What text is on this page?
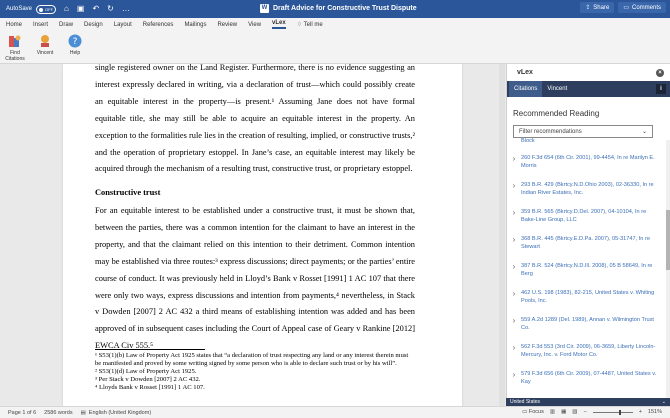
AutoSave	OFF	⌂ ▣ ↶ ↻ …	W Draft Advice for Constructive Trust Dispute	⇪ Share ▭ Comments
Home Insert Draw Design Layout References Mailings Review View vLex ♢ Tell me
Find Citations
Vincent
?
Help
single registered owner on the Land Register. Furthermore, there is no evidence suggesting an interest expressly declared in writing, via a declaration of trust—which could possibly create an equitable interest in the property—is present.¹ Assuming Jane does not have formal equitable title, she may still be able to acquire an equitable interest in the property. An exception to the formalities rule lies in the creation of resulting, implied, or constructive trusts,² and the operation of proprietary estoppel. In Jane’s case, an equitable interest may likely be acquired through the mechanism of a resulting trust, constructive trust, or proprietary estoppel.
Constructive trust
For an equitable interest to be established under a constructive trust, it must be shown that, between the parties, there was a common intention for the claimant to have an interest in the property, and that the claimant relied on this intention to their detriment. Common intention may be established via three routes:³ express discussions; direct payments; or the parties’ entire course of conduct. It was previously held in Lloyd’s Bank v Rosset [1991] 1 AC 107 that there were only two ways, express discussions and intention from payments,⁴ nevertheless, in Stack v Dowden [2007] 2 AC 432 a third means of establishing intention was added and has been approved of in subsequent cases including the Court of Appeal case of Geary v Rankine [2012] EWCA Civ 555.⁵
¹ S53(1)(b) Law of Property Act 1925 states that “a declaration of trust respecting any land or any interest therein must be manifested and proved by some writing signed by some person who is able to declare such trust or by his will”.
² S53(1)(d) Law of Property Act 1925.
³ Per Stack v Dowden [2007] 2 AC 432.
⁴ Lloyds Bank v Rosset [1991] 1 AC 107.
vLex	×
Citations	Vincent	i
Recommended Reading
Filter recommendations	⌄
Block
›	260 F.3d 654 (6th Cir. 2001), 99-4454, In re Marilyn E. Morris
›	293 B.R. 429 (Bkrtcy.N.D.Ohio 2003), 02-36330, In re Indian River Estates, Inc.
›	359 B.R. 565 (Bkrtcy.D.Del. 2007), 04-10104, In re Bake-Line Group, LLC
›	368 B.R. 445 (Bkrtcy.E.D.Pa. 2007), 05-31747, In re Stewart
›	387 B.R. 524 (Bkrtcy.N.D.Ill. 2008), 05 B 58649, In re Berg
›	462 U.S. 198 (1983), 82-215, United States v. Whiting Pools, Inc.
›	559 A.2d 1289 (Del. 1989), Annan v. Wilmington Trust Co.
›	562 F.3d 553 (3rd Cir. 2009), 06-3659, Liberty Lincoln-Mercury, Inc. v. Ford Motor Co.
›	579 F.3d 656 (6th Cir. 2009), 07-4487, United States v. Kay
United States	⌄
Page 1 of 6 2586 words ▤ English (United Kingdom)	▭ Focus ▥ ▦ ▧ −	+ 151%
